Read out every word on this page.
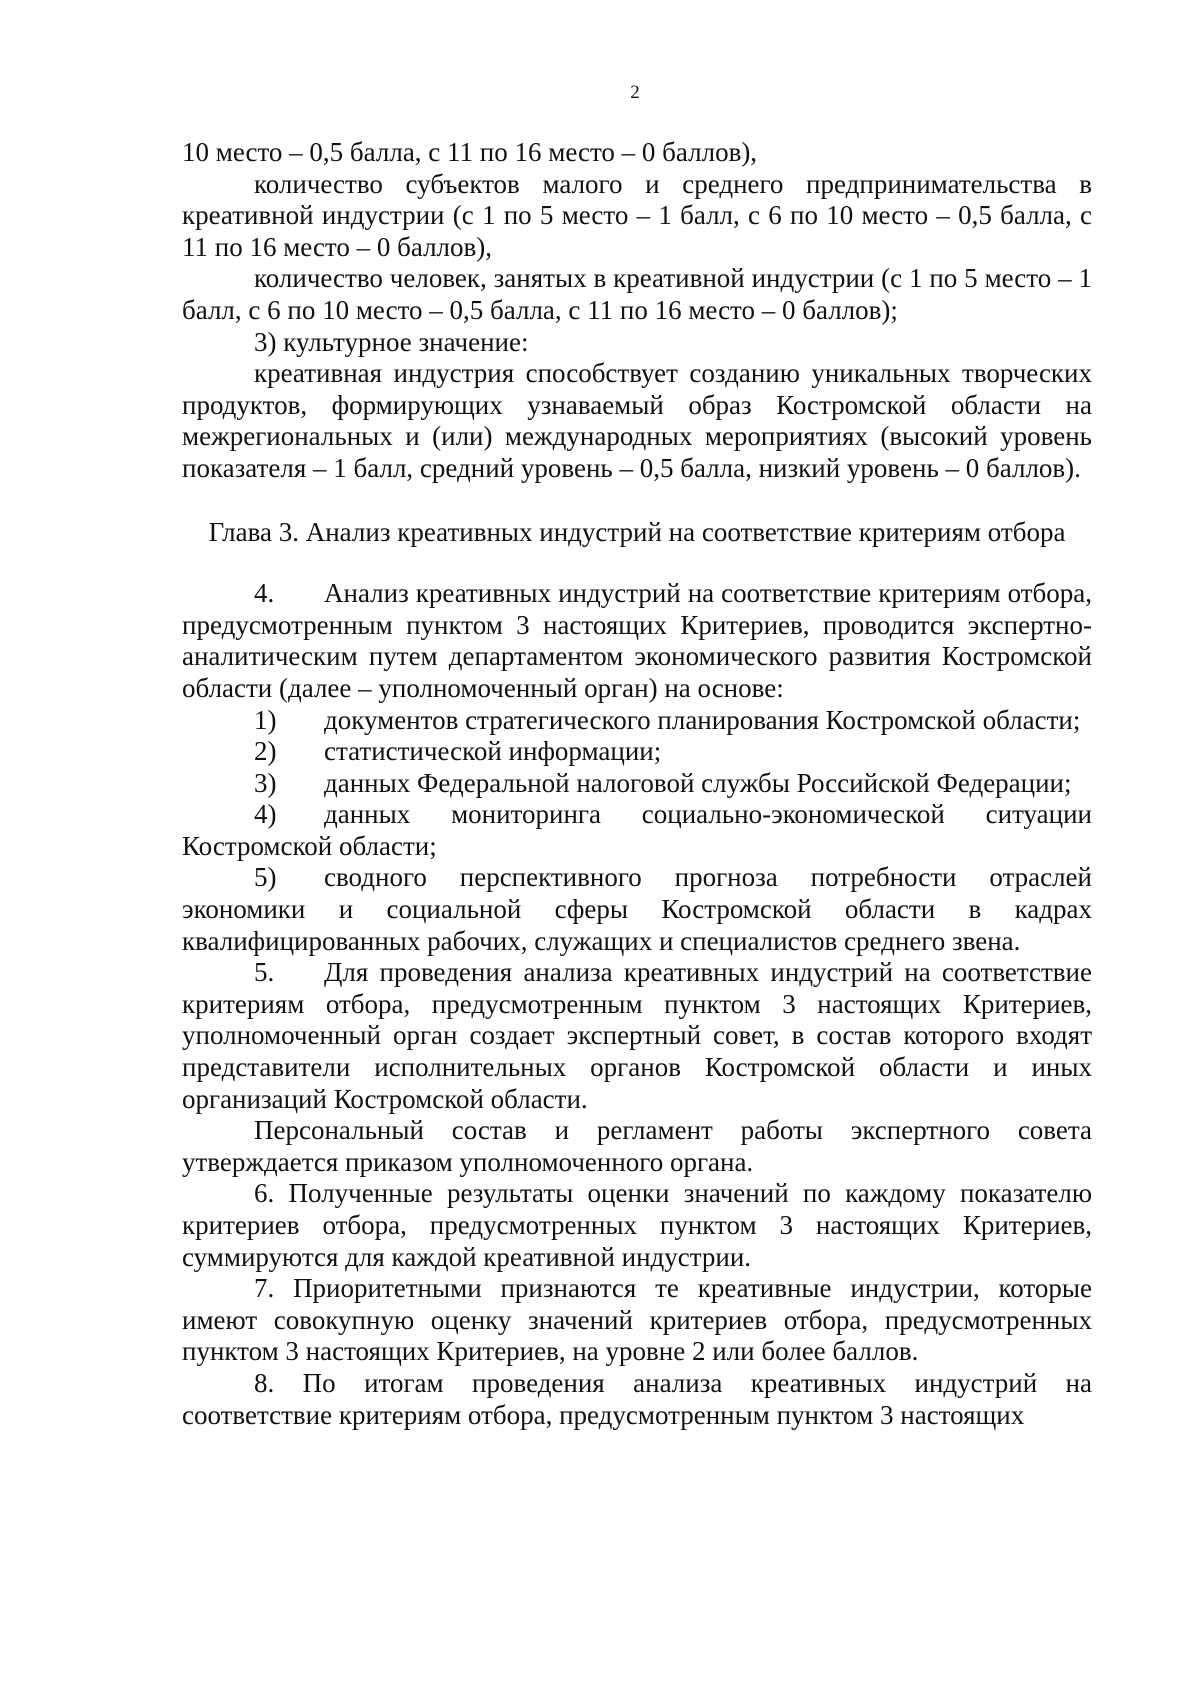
2

10 место – 0,5 балла, с 11 по 16 место – 0 баллов),

количество субъектов малого и среднего предпринимательства в креативной индустрии (с 1 по 5 место – 1 балл, с 6 по 10 место – 0,5 балла, с 11 по 16 место – 0 баллов),

количество человек, занятых в креативной индустрии (с 1 по 5 место – 1 балл, с 6 по 10 место – 0,5 балла, с 11 по 16 место – 0 баллов);

3) культурное значение:

креативная индустрия способствует созданию уникальных творческих продуктов, формирующих узнаваемый образ Костромской области на межрегиональных и (или) международных мероприятиях (высокий уровень показателя – 1 балл, средний уровень – 0,5 балла, низкий уровень – 0 баллов).

Глава 3. Анализ креативных индустрий на соответствие критериям отбора

4. Анализ креативных индустрий на соответствие критериям отбора, предусмотренным пунктом 3 настоящих Критериев, проводится экспертно-аналитическим путем департаментом экономического развития Костромской области (далее – уполномоченный орган) на основе:

1) документов стратегического планирования Костромской области;

2) статистической информации;

3) данных Федеральной налоговой службы Российской Федерации;

4) данных мониторинга социально-экономической ситуации Костромской области;

5) сводного перспективного прогноза потребности отраслей экономики и социальной сферы Костромской области в кадрах квалифицированных рабочих, служащих и специалистов среднего звена.

5. Для проведения анализа креативных индустрий на соответствие критериям отбора, предусмотренным пунктом 3 настоящих Критериев, уполномоченный орган создает экспертный совет, в состав которого входят представители исполнительных органов Костромской области и иных организаций Костромской области.

Персональный состав и регламент работы экспертного совета утверждается приказом уполномоченного органа.

6. Полученные результаты оценки значений по каждому показателю критериев отбора, предусмотренных пунктом 3 настоящих Критериев, суммируются для каждой креативной индустрии.

7. Приоритетными признаются те креативные индустрии, которые имеют совокупную оценку значений критериев отбора, предусмотренных пунктом 3 настоящих Критериев, на уровне 2 или более баллов.

8. По итогам проведения анализа креативных индустрий на соответствие критериям отбора, предусмотренным пунктом 3 настоящих
